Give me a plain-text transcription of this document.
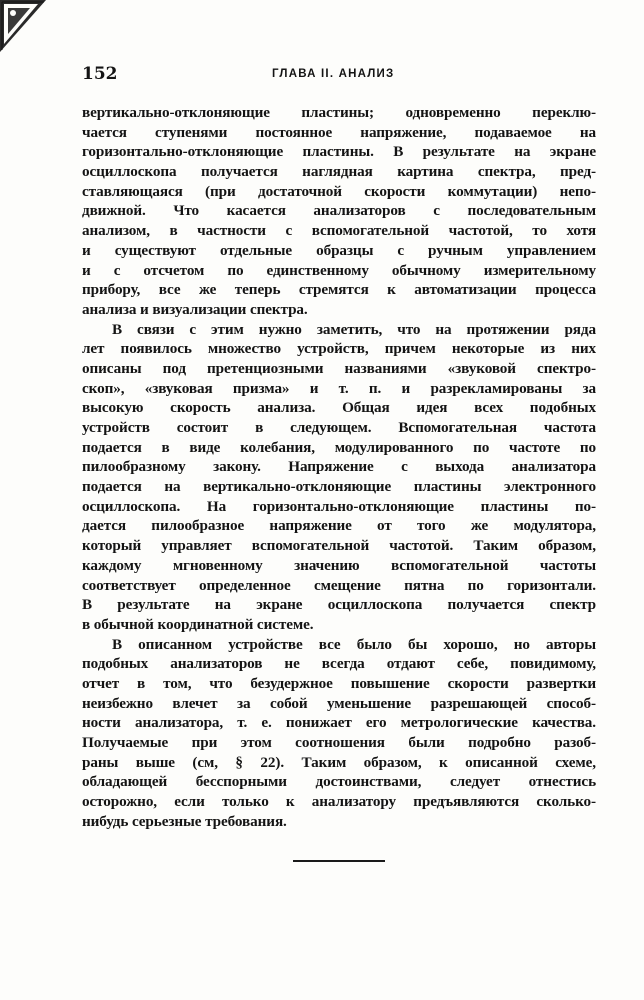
152	ГЛАВА II. АНАЛИЗ
вертикально-отклоняющие пластины; одновременно переклю-
чается ступенями постоянное напряжение, подаваемое на
горизонтально-отклоняющие пластины. В результате на экране
осциллоскопа получается наглядная картина спектра, пред-
ставляющаяся (при достаточной скорости коммутации) непо-
движной. Что касается анализаторов с последовательным
анализом, в частности с вспомогательной частотой, то хотя
и существуют отдельные образцы с ручным управлением
и с отсчетом по единственному обычному измерительному
прибору, все же теперь стремятся к автоматизации процесса
анализа и визуализации спектра.
В связи с этим нужно заметить, что на протяжении ряда
лет появилось множество устройств, причем некоторые из них
описаны под претенциозными названиями «звуковой спектро-
скоп», «звуковая призма» и т. п. и разрекламированы за
высокую скорость анализа. Общая идея всех подобных
устройств состоит в следующем. Вспомогательная частота
подается в виде колебания, модулированного по частоте по
пилообразному закону. Напряжение с выхода анализатора
подается на вертикально-отклоняющие пластины электронного
осциллоскопа. На горизонтально-отклоняющие пластины по-
дается пилообразное напряжение от того же модулятора,
который управляет вспомогательной частотой. Таким образом,
каждому мгновенному значению вспомогательной частоты
соответствует определенное смещение пятна по горизонтали.
В результате на экране осциллоскопа получается спектр
в обычной координатной системе.
В описанном устройстве все было бы хорошо, но авторы
подобных анализаторов не всегда отдают себе, повидимому,
отчет в том, что безудержное повышение скорости развертки
неизбежно влечет за собой уменьшение разрешающей способ-
ности анализатора, т. е. понижает его метрологические качества.
Получаемые при этом соотношения были подробно разоб-
раны выше (см, § 22). Таким образом, к описанной схеме,
обладающей бесспорными достоинствами, следует отнестись
осторожно, если только к анализатору предъявляются сколько-
нибудь серьезные требования.
